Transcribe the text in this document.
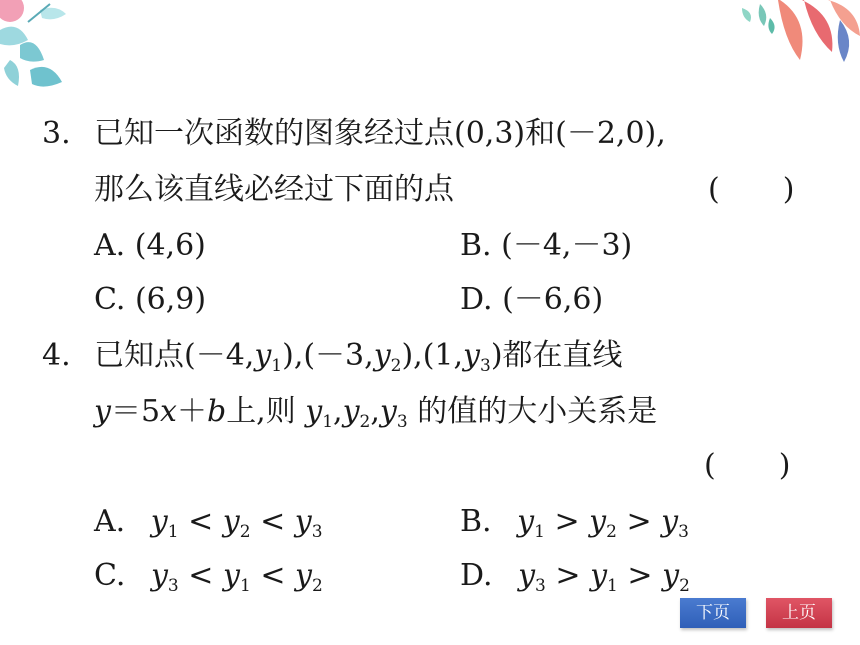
3. 已知一次函数的图象经过点(0,3)和(－2,0),
那么该直线必经过下面的点	(　　)
A. (4,6)	B. (－4,－3)
C. (6,9)	D. (－6,6)
4. 已知点$(-4,y_1),(-3,y_2),(1,y_3)$都在直线
y＝5x＋b上,则 $y_1,y_2,y_3$ 的值的大小关系是
(　　)
A. $y_1 < y_2 < y_3$	B. $y_1 > y_2 > y_3$
C. $y_3 < y_1 < y_2$	D. $y_3 > y_1 > y_2$
下页	上页
